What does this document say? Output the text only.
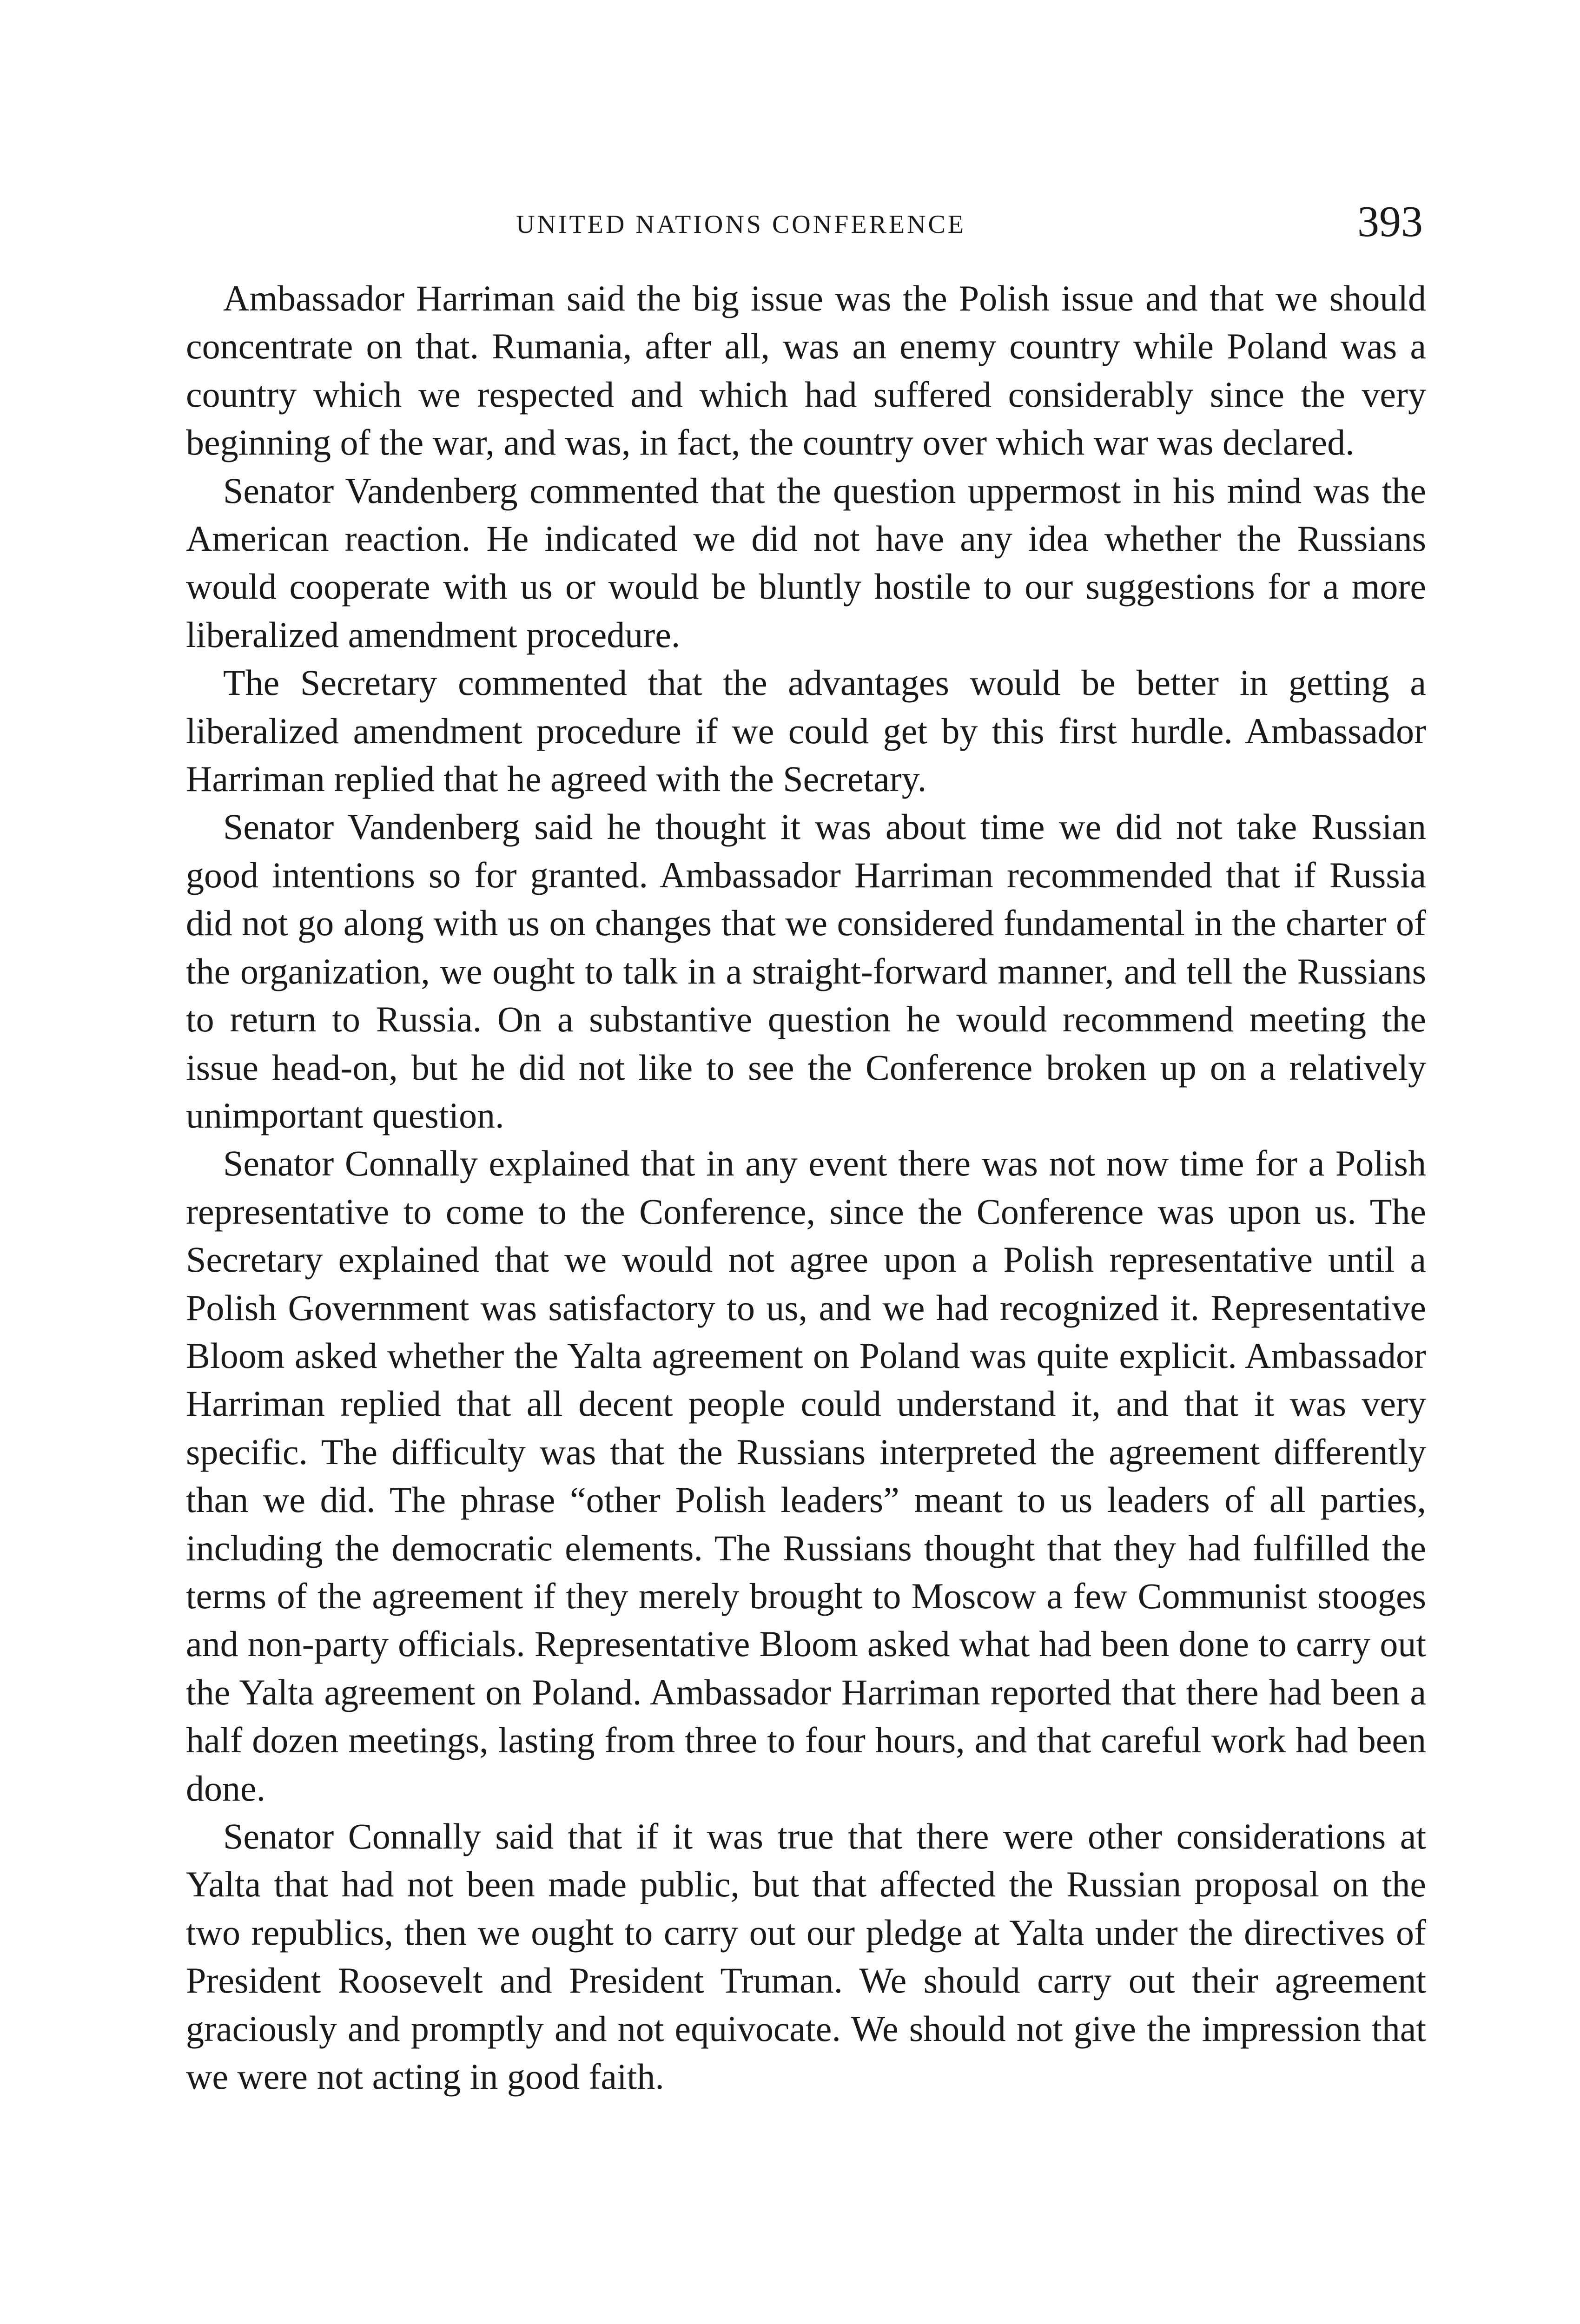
UNITED NATIONS CONFERENCE	393

Ambassador Harriman said the big issue was the Polish issue and that we should concentrate on that. Rumania, after all, was an enemy country while Poland was a country which we respected and which had suffered considerably since the very beginning of the war, and was, in fact, the country over which war was declared.

Senator Vandenberg commented that the question uppermost in his mind was the American reaction. He indicated we did not have any idea whether the Russians would cooperate with us or would be bluntly hostile to our suggestions for a more liberalized amendment procedure.

The Secretary commented that the advantages would be better in getting a liberalized amendment procedure if we could get by this first hurdle. Ambassador Harriman replied that he agreed with the Secretary.

Senator Vandenberg said he thought it was about time we did not take Russian good intentions so for granted. Ambassador Harriman recommended that if Russia did not go along with us on changes that we considered fundamental in the charter of the organization, we ought to talk in a straight-forward manner, and tell the Russians to return to Russia. On a substantive question he would recommend meeting the issue head-on, but he did not like to see the Conference broken up on a relatively unimportant question.

Senator Connally explained that in any event there was not now time for a Polish representative to come to the Conference, since the Conference was upon us. The Secretary explained that we would not agree upon a Polish representative until a Polish Government was satisfactory to us, and we had recognized it. Representative Bloom asked whether the Yalta agreement on Poland was quite explicit. Ambassador Harriman replied that all decent people could understand it, and that it was very specific. The difficulty was that the Russians interpreted the agreement differently than we did. The phrase “other Polish leaders” meant to us leaders of all parties, including the democratic elements. The Russians thought that they had fulfilled the terms of the agreement if they merely brought to Moscow a few Communist stooges and non-party officials. Representative Bloom asked what had been done to carry out the Yalta agreement on Poland. Ambassador Harriman reported that there had been a half dozen meetings, lasting from three to four hours, and that careful work had been done.

Senator Connally said that if it was true that there were other considerations at Yalta that had not been made public, but that affected the Russian proposal on the two republics, then we ought to carry out our pledge at Yalta under the directives of President Roosevelt and President Truman. We should carry out their agreement graciously and promptly and not equivocate. We should not give the impression that we were not acting in good faith.
